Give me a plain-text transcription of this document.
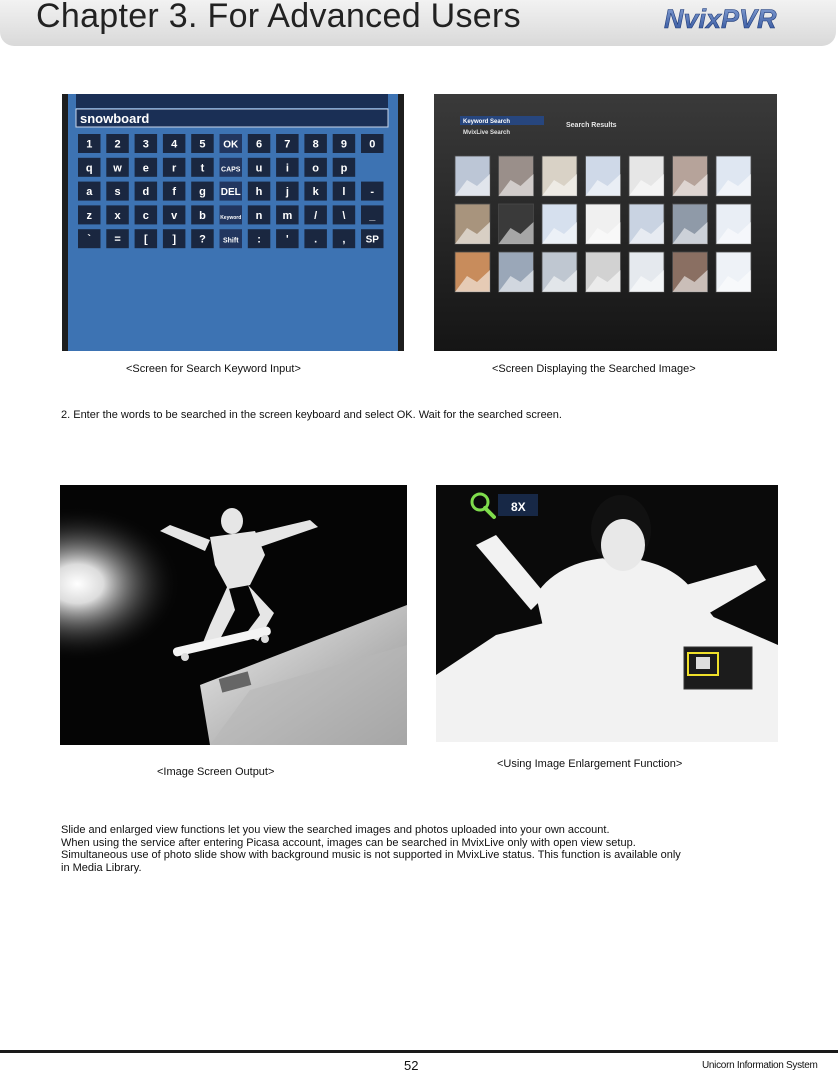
Chapter 3. For Advanced Users	NvixPVR
snowboard
1 2 3 4 5 OK 6 7 8 9 0
q w e r t CAPS u i o p
a s d f g DEL h j k l -
z x c v b	Keyword n m / \ _
` = [ ] ? Shift : ' . , SP
<Screen for Search Keyword Input>
Keyword Search
MvixLive Search
Search Results
<Screen Displaying the Searched Image>
2. Enter the words to be searched in the screen keyboard and select OK. Wait for the searched screen.
<Image Screen Output>
8X
<Using Image Enlargement Function>
Slide and enlarged view functions let you view the searched images and photos uploaded into your own account.
When using the service after entering Picasa account, images can be searched in MvixLive only with open view setup.
Simultaneous use of photo slide show with background music is not supported in MvixLive status. This function is available only
in Media Library.
52	Unicorn Information System
